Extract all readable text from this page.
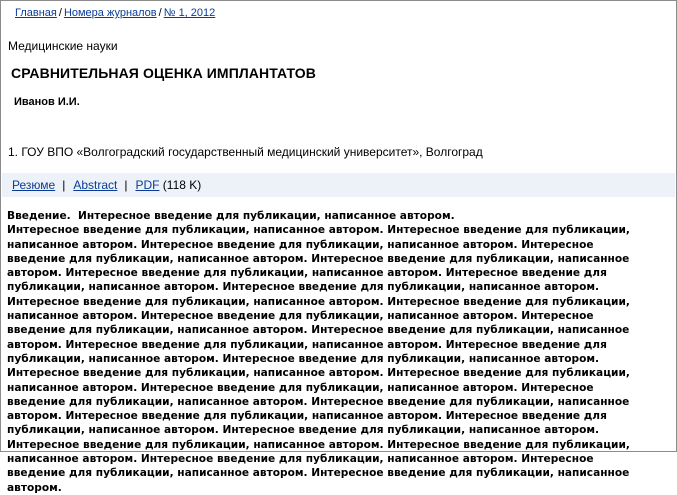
Главная / Номера журналов / № 1, 2012
Медицинские науки
СРАВНИТЕЛЬНАЯ ОЦЕНКА ИМПЛАНТАТОВ
Иванов И.И.
1. ГОУ ВПО «Волгоградский государственный медицинский университет», Волгоград
Резюме | Abstract | PDF (118 K)
Введение. Интересное введение для публикации, написанное автором.
Интересное введение для публикации, написанное автором. Интересное введение для публикации, написанное автором. Интересное введение для публикации, написанное автором. Интересное введение для публикации, написанное автором. Интересное введение для публикации, написанное автором. Интересное введение для публикации, написанное автором. Интересное введение для публикации, написанное автором. Интересное введение для публикации, написанное автором. Интересное введение для публикации, написанное автором. Интересное введение для публикации, написанное автором. Интересное введение для публикации, написанное автором. Интересное введение для публикации, написанное автором. Интересное введение для публикации, написанное автором. Интересное введение для публикации, написанное автором. Интересное введение для публикации, написанное автором. Интересное введение для публикации, написанное автором. Интересное введение для публикации, написанное автором. Интересное введение для публикации, написанное автором. Интересное введение для публикации, написанное автором. Интересное введение для публикации, написанное автором. Интересное введение для публикации, написанное автором. Интересное введение для публикации, написанное автором. Интересное введение для публикации, написанное автором. Интересное введение для публикации, написанное автором. Интересное введение для публикации, написанное автором. Интересное введение для публикации, написанное автором. Интересное введение для публикации, написанное автором. Интересное введение для публикации, написанное автором. Интересное введение для публикации, написанное автором.
